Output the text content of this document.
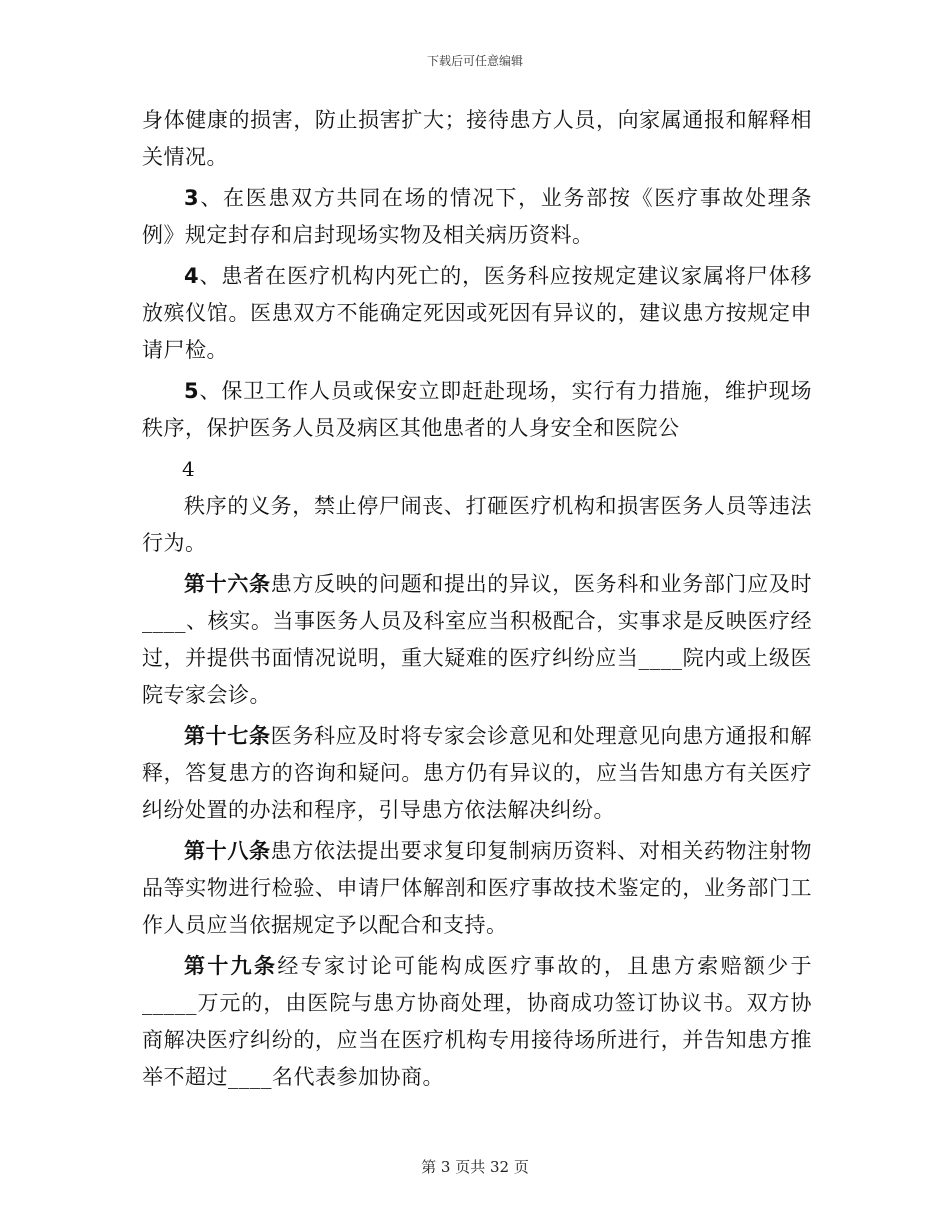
下载后可任意编辑

身体健康的损害，防止损害扩大；接待患方人员，向家属通报和解释相关情况。

3、在医患双方共同在场的情况下，业务部按《医疗事故处理条例》规定封存和启封现场实物及相关病历资料。

4、患者在医疗机构内死亡的，医务科应按规定建议家属将尸体移放殡仪馆。医患双方不能确定死因或死因有异议的，建议患方按规定申请尸检。

5、保卫工作人员或保安立即赶赴现场，实行有力措施，维护现场秩序，保护医务人员及病区其他患者的人身安全和医院公

4

秩序的义务，禁止停尸闹丧、打砸医疗机构和损害医务人员等违法行为。

第十六条患方反映的问题和提出的异议，医务科和业务部门应及时____、核实。当事医务人员及科室应当积极配合，实事求是反映医疗经过，并提供书面情况说明，重大疑难的医疗纠纷应当____院内或上级医院专家会诊。

第十七条医务科应及时将专家会诊意见和处理意见向患方通报和解释，答复患方的咨询和疑问。患方仍有异议的，应当告知患方有关医疗纠纷处置的办法和程序，引导患方依法解决纠纷。

第十八条患方依法提出要求复印复制病历资料、对相关药物注射物品等实物进行检验、申请尸体解剖和医疗事故技术鉴定的，业务部门工作人员应当依据规定予以配合和支持。

第十九条经专家讨论可能构成医疗事故的，且患方索赔额少于_____万元的，由医院与患方协商处理，协商成功签订协议书。双方协商解决医疗纠纷的，应当在医疗机构专用接待场所进行，并告知患方推举不超过____名代表参加协商。

第 3 页共 32 页
